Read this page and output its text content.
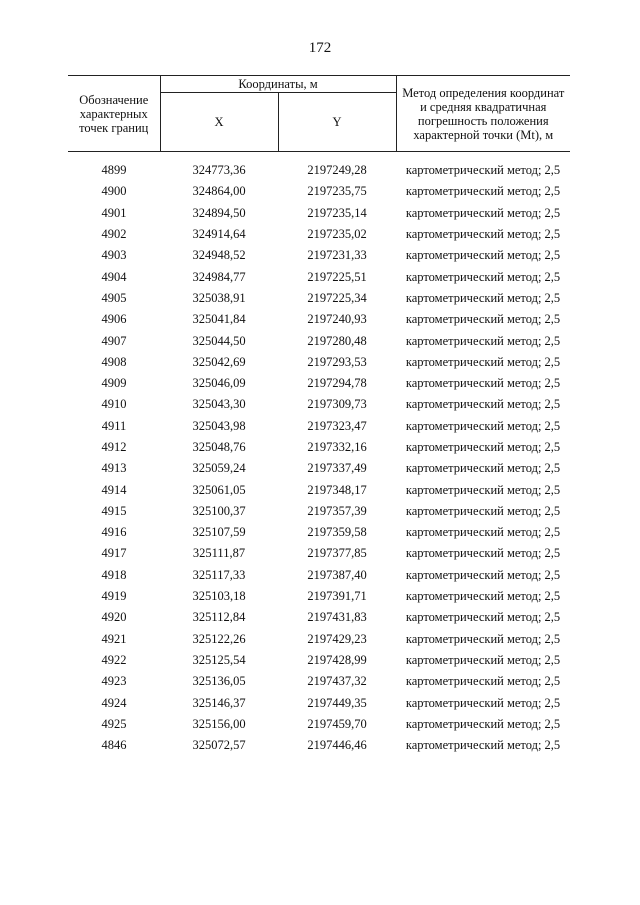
172
Обозначение характерных точек границ	Координаты, м		Метод определения координат и средняя квадратичная погрешность положения характерной точки (Mt), м
	X	Y	
4899	324773,36	2197249,28	картометрический метод; 2,5
4900	324864,00	2197235,75	картометрический метод; 2,5
4901	324894,50	2197235,14	картометрический метод; 2,5
4902	324914,64	2197235,02	картометрический метод; 2,5
4903	324948,52	2197231,33	картометрический метод; 2,5
4904	324984,77	2197225,51	картометрический метод; 2,5
4905	325038,91	2197225,34	картометрический метод; 2,5
4906	325041,84	2197240,93	картометрический метод; 2,5
4907	325044,50	2197280,48	картометрический метод; 2,5
4908	325042,69	2197293,53	картометрический метод; 2,5
4909	325046,09	2197294,78	картометрический метод; 2,5
4910	325043,30	2197309,73	картометрический метод; 2,5
4911	325043,98	2197323,47	картометрический метод; 2,5
4912	325048,76	2197332,16	картометрический метод; 2,5
4913	325059,24	2197337,49	картометрический метод; 2,5
4914	325061,05	2197348,17	картометрический метод; 2,5
4915	325100,37	2197357,39	картометрический метод; 2,5
4916	325107,59	2197359,58	картометрический метод; 2,5
4917	325111,87	2197377,85	картометрический метод; 2,5
4918	325117,33	2197387,40	картометрический метод; 2,5
4919	325103,18	2197391,71	картометрический метод; 2,5
4920	325112,84	2197431,83	картометрический метод; 2,5
4921	325122,26	2197429,23	картометрический метод; 2,5
4922	325125,54	2197428,99	картометрический метод; 2,5
4923	325136,05	2197437,32	картометрический метод; 2,5
4924	325146,37	2197449,35	картометрический метод; 2,5
4925	325156,00	2197459,70	картометрический метод; 2,5
4846	325072,57	2197446,46	картометрический метод; 2,5
